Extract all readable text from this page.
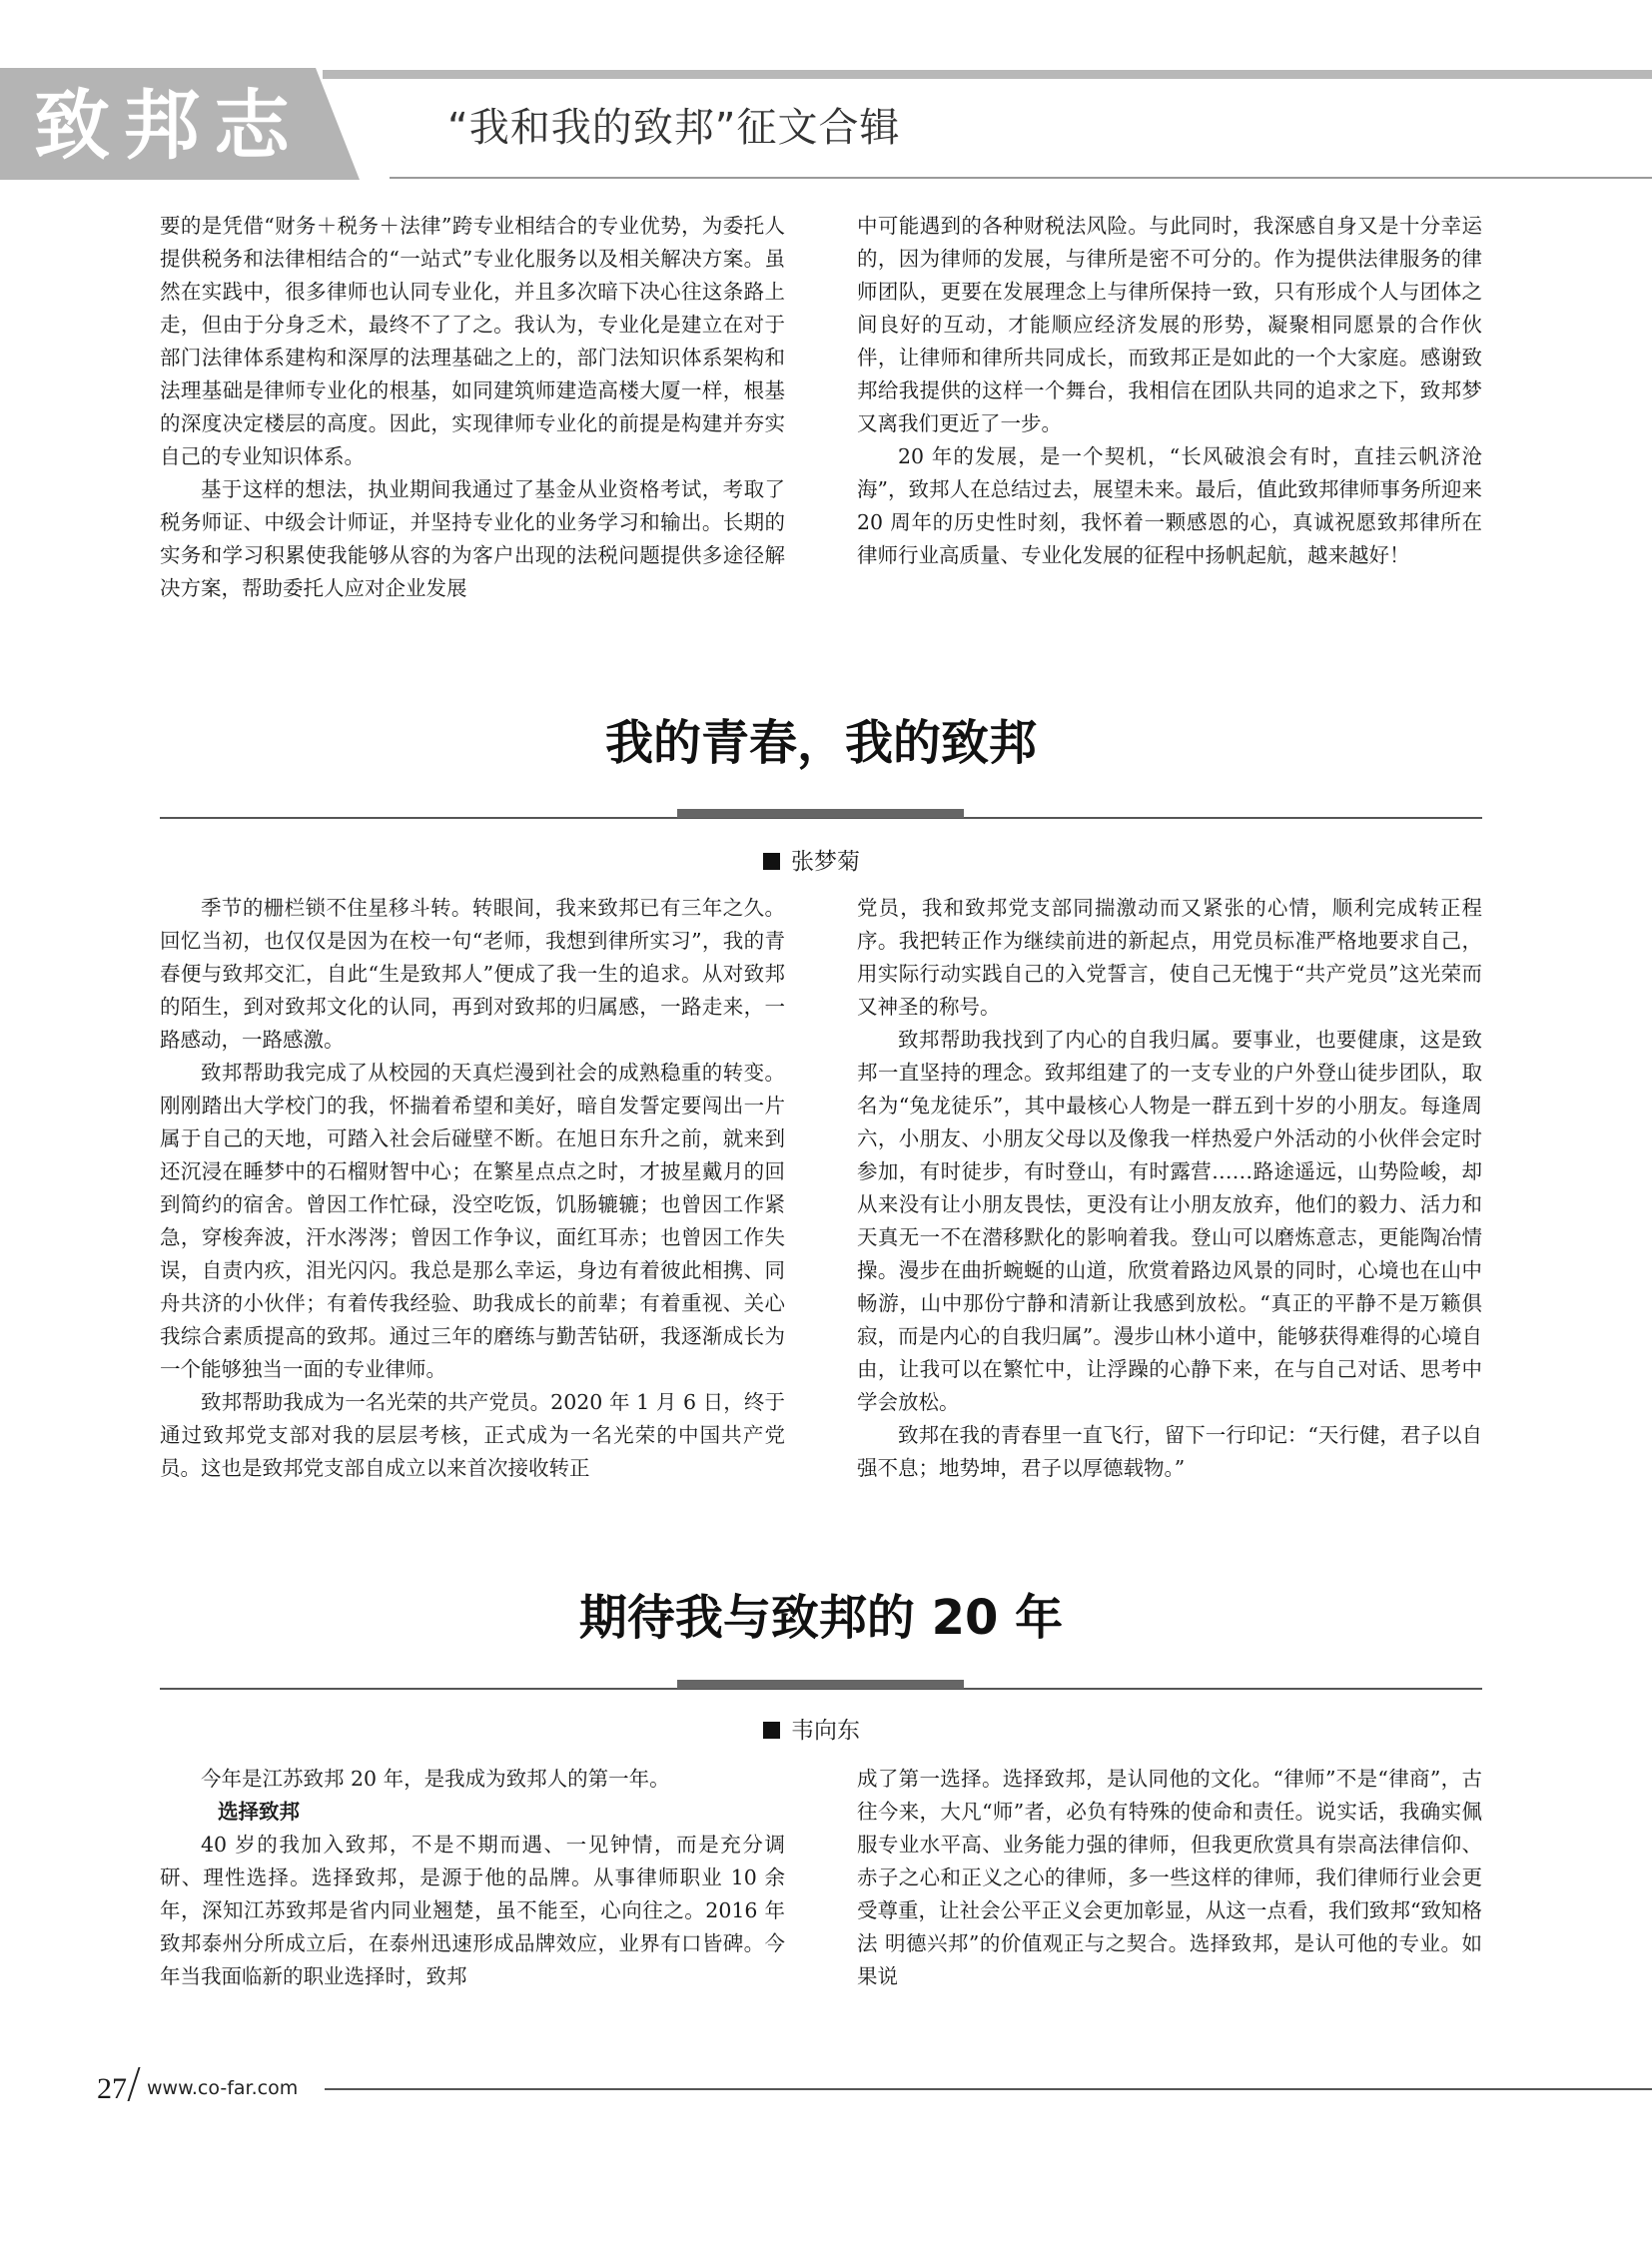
致邦志	“我和我的致邦”征文合辑

要的是凭借“财务＋税务＋法律”跨专业相结合的专业优势，为委托人提供税务和法律相结合的“一站式”专业化服务以及相关解决方案。虽然在实践中，很多律师也认同专业化，并且多次暗下决心往这条路上走，但由于分身乏术，最终不了了之。我认为，专业化是建立在对于部门法律体系建构和深厚的法理基础之上的，部门法知识体系架构和法理基础是律师专业化的根基，如同建筑师建造高楼大厦一样，根基的深度决定楼层的高度。因此，实现律师专业化的前提是构建并夯实自己的专业知识体系。

基于这样的想法，执业期间我通过了基金从业资格考试，考取了税务师证、中级会计师证，并坚持专业化的业务学习和输出。长期的实务和学习积累使我能够从容的为客户出现的法税问题提供多途径解决方案，帮助委托人应对企业发展

中可能遇到的各种财税法风险。与此同时，我深感自身又是十分幸运的，因为律师的发展，与律所是密不可分的。作为提供法律服务的律师团队，更要在发展理念上与律所保持一致，只有形成个人与团体之间良好的互动，才能顺应经济发展的形势，凝聚相同愿景的合作伙伴，让律师和律所共同成长，而致邦正是如此的一个大家庭。感谢致邦给我提供的这样一个舞台，我相信在团队共同的追求之下，致邦梦又离我们更近了一步。

20 年的发展，是一个契机，“长风破浪会有时，直挂云帆济沧海”，致邦人在总结过去，展望未来。最后，值此致邦律师事务所迎来 20 周年的历史性时刻，我怀着一颗感恩的心，真诚祝愿致邦律所在律师行业高质量、专业化发展的征程中扬帆起航，越来越好！

我的青春，我的致邦
张梦菊

季节的栅栏锁不住星移斗转。转眼间，我来致邦已有三年之久。回忆当初，也仅仅是因为在校一句“老师，我想到律所实习”，我的青春便与致邦交汇，自此“生是致邦人”便成了我一生的追求。从对致邦的陌生，到对致邦文化的认同，再到对致邦的归属感，一路走来，一路感动，一路感激。

致邦帮助我完成了从校园的天真烂漫到社会的成熟稳重的转变。刚刚踏出大学校门的我，怀揣着希望和美好，暗自发誓定要闯出一片属于自己的天地，可踏入社会后碰壁不断。在旭日东升之前，就来到还沉浸在睡梦中的石榴财智中心；在繁星点点之时，才披星戴月的回到简约的宿舍。曾因工作忙碌，没空吃饭，饥肠辘辘；也曾因工作紧急，穿梭奔波，汗水涔涔；曾因工作争议，面红耳赤；也曾因工作失误，自责内疚，泪光闪闪。我总是那么幸运，身边有着彼此相携、同舟共济的小伙伴；有着传我经验、助我成长的前辈；有着重视、关心我综合素质提高的致邦。通过三年的磨练与勤苦钻研，我逐渐成长为一个能够独当一面的专业律师。

致邦帮助我成为一名光荣的共产党员。2020 年 1 月 6 日，终于通过致邦党支部对我的层层考核，正式成为一名光荣的中国共产党员。这也是致邦党支部自成立以来首次接收转正

党员，我和致邦党支部同揣激动而又紧张的心情，顺利完成转正程序。我把转正作为继续前进的新起点，用党员标准严格地要求自己，用实际行动实践自己的入党誓言，使自己无愧于“共产党员”这光荣而又神圣的称号。

致邦帮助我找到了内心的自我归属。要事业，也要健康，这是致邦一直坚持的理念。致邦组建了的一支专业的户外登山徒步团队，取名为“兔龙徒乐”，其中最核心人物是一群五到十岁的小朋友。每逢周六，小朋友、小朋友父母以及像我一样热爱户外活动的小伙伴会定时参加，有时徒步，有时登山，有时露营……路途遥远，山势险峻，却从来没有让小朋友畏怯，更没有让小朋友放弃，他们的毅力、活力和天真无一不在潜移默化的影响着我。登山可以磨炼意志，更能陶冶情操。漫步在曲折蜿蜒的山道，欣赏着路边风景的同时，心境也在山中畅游，山中那份宁静和清新让我感到放松。“真正的平静不是万籁俱寂，而是内心的自我归属”。漫步山林小道中，能够获得难得的心境自由，让我可以在繁忙中，让浮躁的心静下来，在与自己对话、思考中学会放松。

致邦在我的青春里一直飞行，留下一行印记：“天行健，君子以自强不息；地势坤，君子以厚德载物。”

期待我与致邦的 20 年
韦向东

今年是江苏致邦 20 年，是我成为致邦人的第一年。

选择致邦

40 岁的我加入致邦，不是不期而遇、一见钟情，而是充分调研、理性选择。选择致邦，是源于他的品牌。从事律师职业 10 余年，深知江苏致邦是省内同业翘楚，虽不能至，心向往之。2016 年致邦泰州分所成立后，在泰州迅速形成品牌效应，业界有口皆碑。今年当我面临新的职业选择时，致邦

成了第一选择。选择致邦，是认同他的文化。“律师”不是“律商”，古往今来，大凡“师”者，必负有特殊的使命和责任。说实话，我确实佩服专业水平高、业务能力强的律师，但我更欣赏具有崇高法律信仰、赤子之心和正义之心的律师，多一些这样的律师，我们律师行业会更受尊重，让社会公平正义会更加彰显，从这一点看，我们致邦“致知格法 明德兴邦”的价值观正与之契合。选择致邦，是认可他的专业。如果说

27 www.co-far.com
